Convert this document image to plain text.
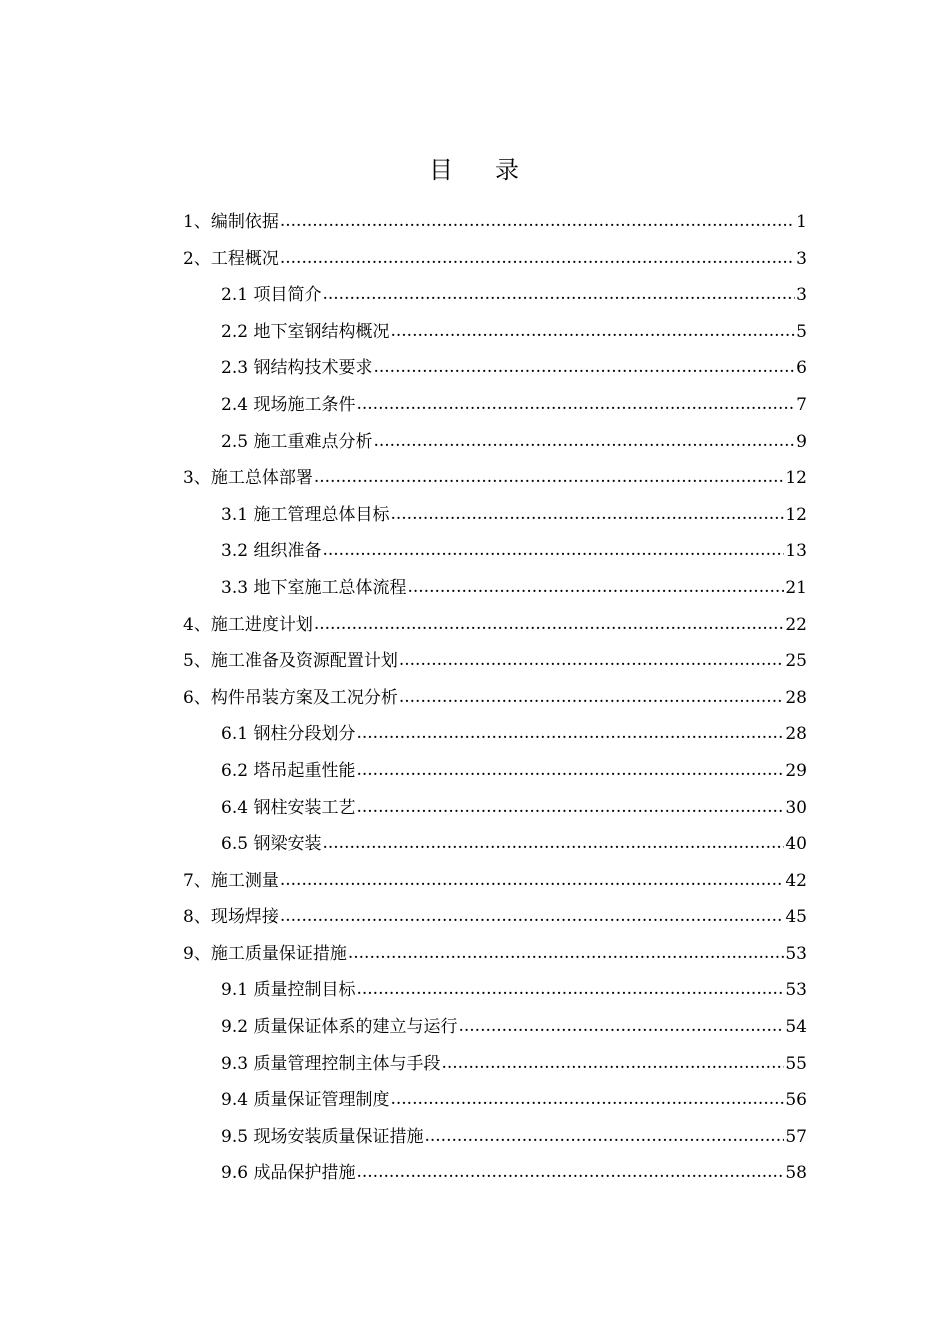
目 录
1、编制依据 .....	1
2、工程概况 .....	3
2.1 项目简介 .....	3
2.2 地下室钢结构概况 .....	5
2.3 钢结构技术要求 .....	6
2.4 现场施工条件 .....	7
2.5 施工重难点分析 .....	9
3、施工总体部署 .....	12
3.1 施工管理总体目标 .....	12
3.2 组织准备 .....	13
3.3 地下室施工总体流程 .....	21
4、施工进度计划 .....	22
5、施工准备及资源配置计划 .....	25
6、构件吊装方案及工况分析 .....	28
6.1 钢柱分段划分 .....	28
6.2 塔吊起重性能 .....	29
6.4 钢柱安装工艺 .....	30
6.5 钢梁安装 .....	40
7、施工测量 .....	42
8、现场焊接 .....	45
9、施工质量保证措施 .....	53
9.1 质量控制目标 .....	53
9.2 质量保证体系的建立与运行 .....	54
9.3 质量管理控制主体与手段 .....	55
9.4 质量保证管理制度 .....	56
9.5 现场安装质量保证措施 .....	57
9.6 成品保护措施 .....	58
